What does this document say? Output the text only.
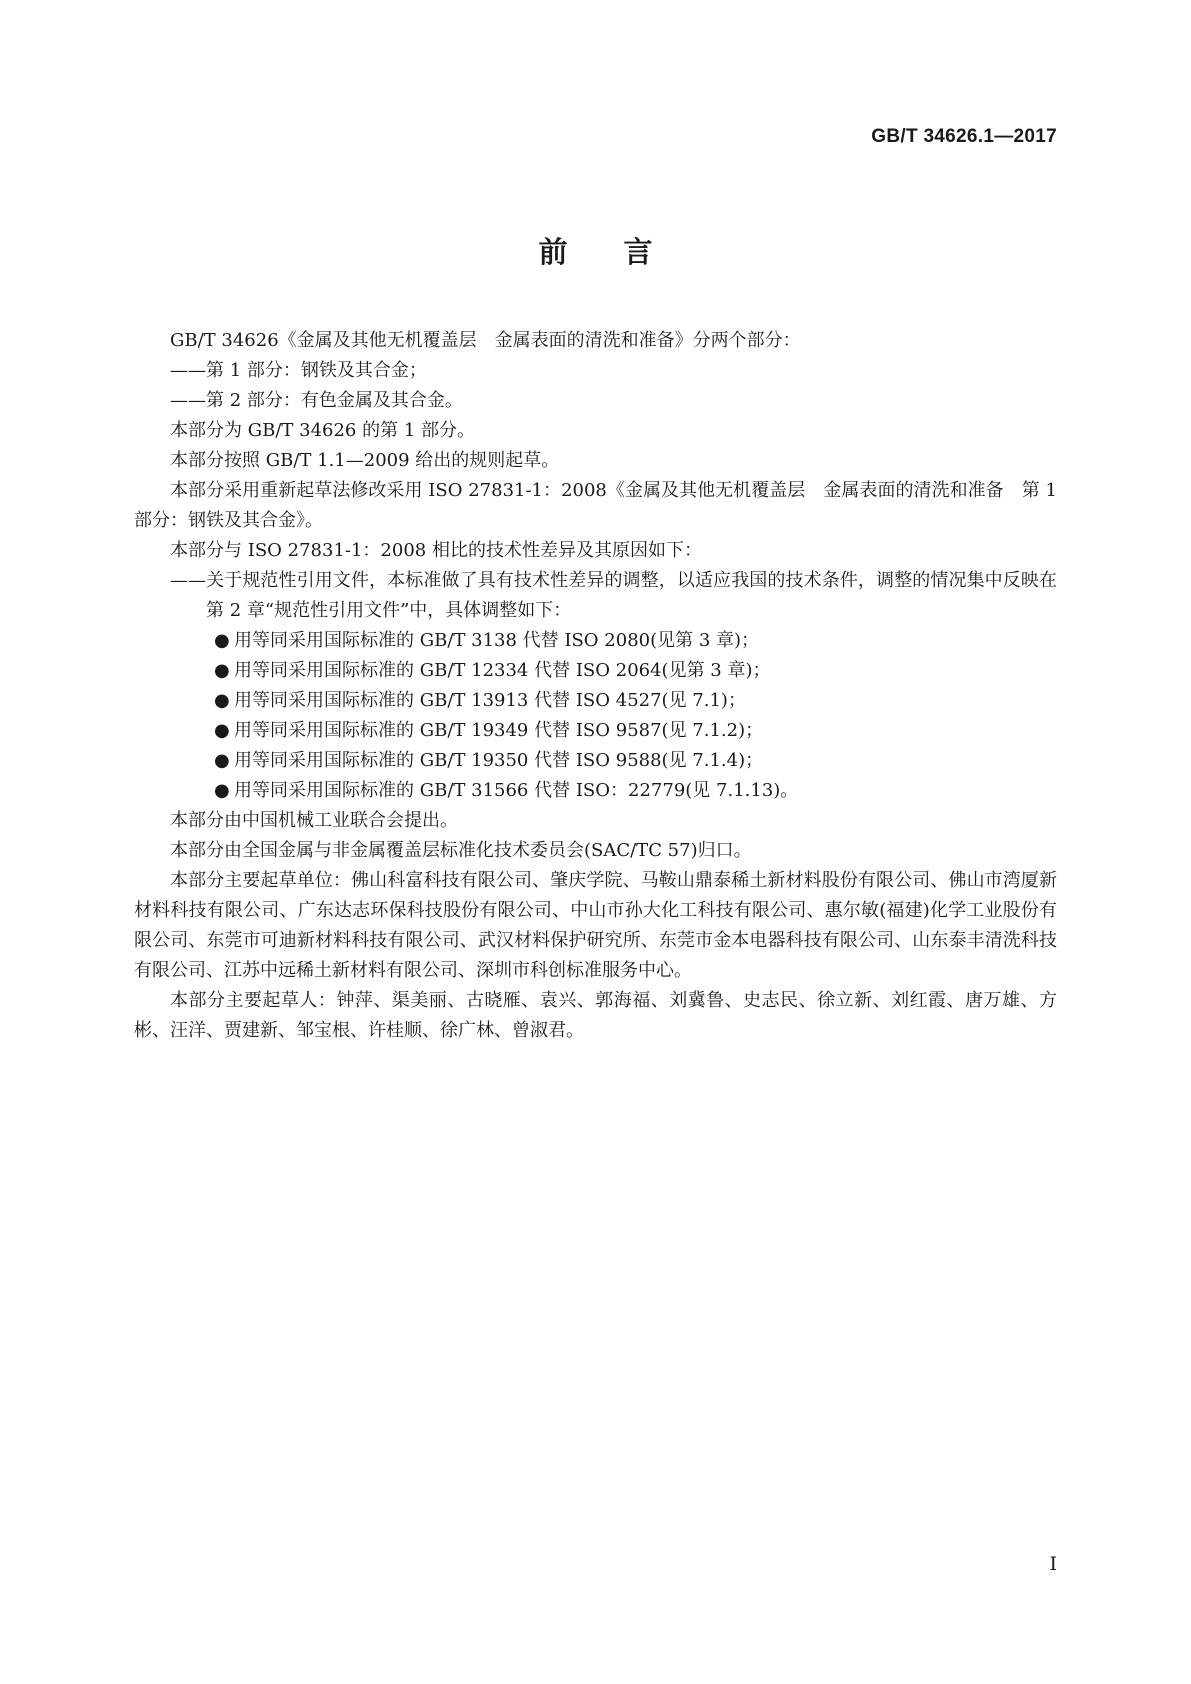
GB/T 34626.1—2017
前言

GB/T 34626《金属及其他无机覆盖层　金属表面的清洗和准备》分两个部分：

——第 1 部分：钢铁及其合金；

——第 2 部分：有色金属及其合金。

本部分为 GB/T 34626 的第 1 部分。

本部分按照 GB/T 1.1—2009 给出的规则起草。

本部分采用重新起草法修改采用 ISO 27831-1：2008《金属及其他无机覆盖层　金属表面的清洗和准备　第 1 部分：钢铁及其合金》。

本部分与 ISO 27831-1：2008 相比的技术性差异及其原因如下：

——关于规范性引用文件，本标准做了具有技术性差异的调整，以适应我国的技术条件，调整的情况集中反映在第 2 章“规范性引用文件”中，具体调整如下：

● 用等同采用国际标准的 GB/T 3138 代替 ISO 2080(见第 3 章)；
● 用等同采用国际标准的 GB/T 12334 代替 ISO 2064(见第 3 章)；
● 用等同采用国际标准的 GB/T 13913 代替 ISO 4527(见 7.1)；
● 用等同采用国际标准的 GB/T 19349 代替 ISO 9587(见 7.1.2)；
● 用等同采用国际标准的 GB/T 19350 代替 ISO 9588(见 7.1.4)；
● 用等同采用国际标准的 GB/T 31566 代替 ISO：22779(见 7.1.13)。

本部分由中国机械工业联合会提出。

本部分由全国金属与非金属覆盖层标准化技术委员会(SAC/TC 57)归口。

本部分主要起草单位：佛山科富科技有限公司、肇庆学院、马鞍山鼎泰稀土新材料股份有限公司、佛山市湾厦新材料科技有限公司、广东达志环保科技股份有限公司、中山市孙大化工科技有限公司、惠尔敏(福建)化学工业股份有限公司、东莞市可迪新材料科技有限公司、武汉材料保护研究所、东莞市金本电器科技有限公司、山东泰丰清洗科技有限公司、江苏中远稀土新材料有限公司、深圳市科创标准服务中心。

本部分主要起草人：钟萍、渠美丽、古晓雁、袁兴、郭海福、刘冀鲁、史志民、徐立新、刘红霞、唐万雄、方彬、汪洋、贾建新、邹宝根、许桂顺、徐广林、曾淑君。

I
